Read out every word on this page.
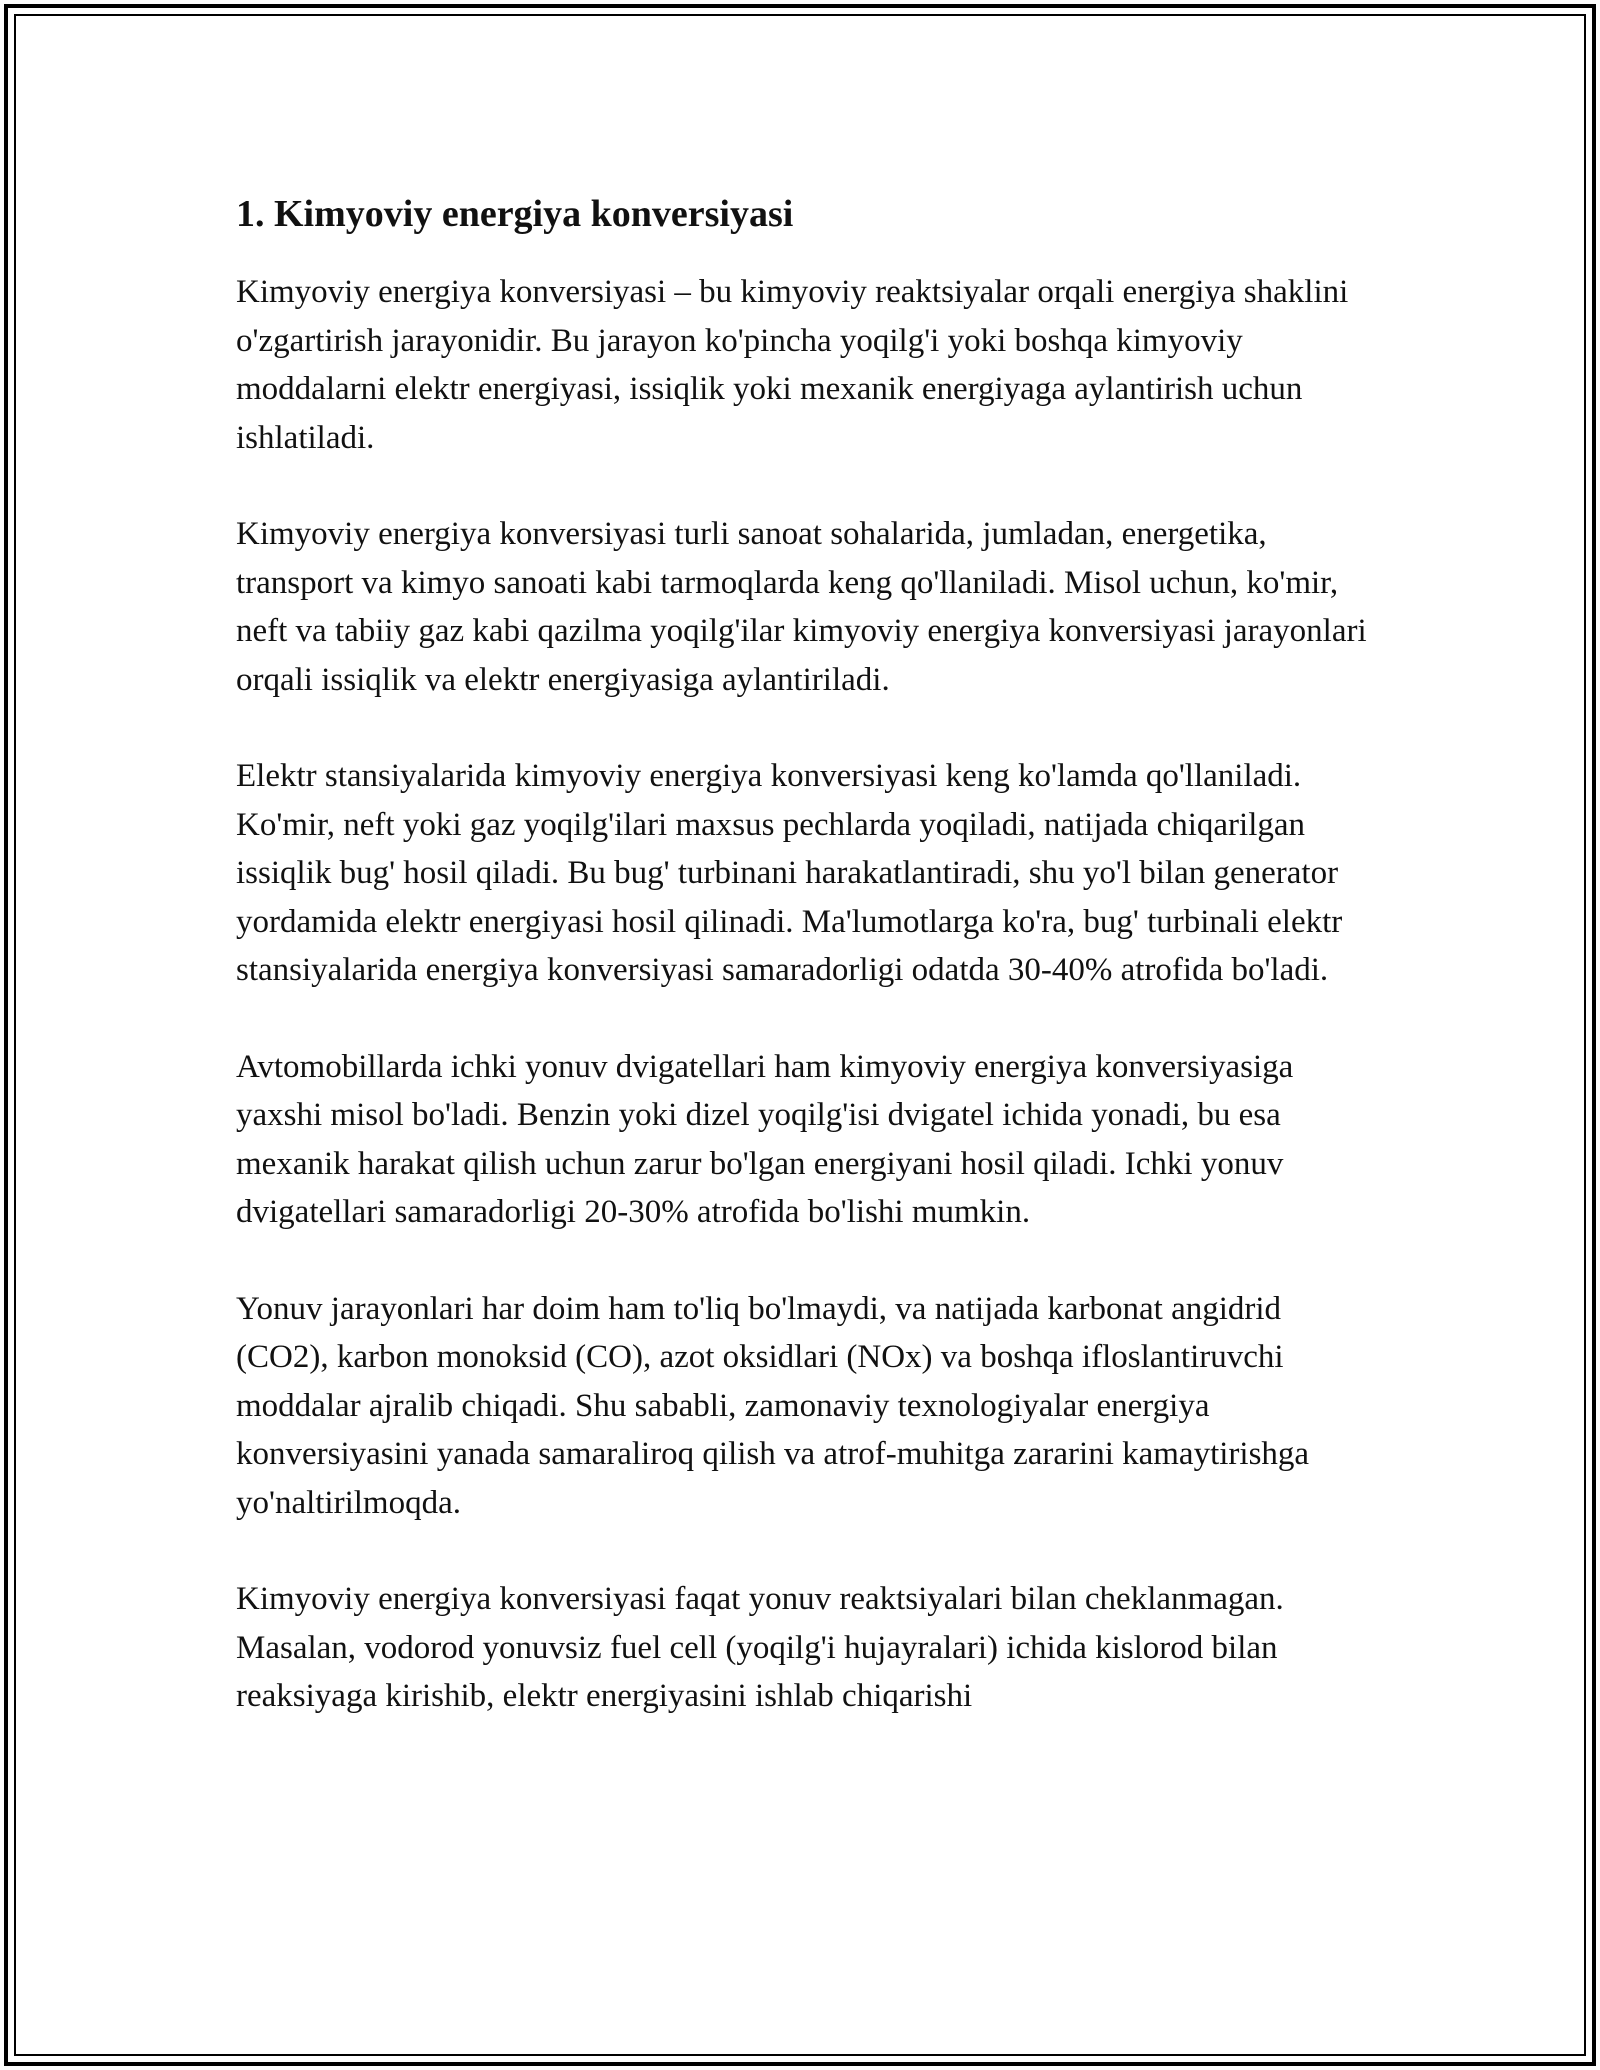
1. Kimyoviy energiya konversiyasi

Kimyoviy energiya konversiyasi – bu kimyoviy reaktsiyalar orqali energiya shaklini o'zgartirish jarayonidir. Bu jarayon ko'pincha yoqilg'i yoki boshqa kimyoviy moddalarni elektr energiyasi, issiqlik yoki mexanik energiyaga aylantirish uchun ishlatiladi.

Kimyoviy energiya konversiyasi turli sanoat sohalarida, jumladan, energetika, transport va kimyo sanoati kabi tarmoqlarda keng qo'llaniladi. Misol uchun, ko'mir, neft va tabiiy gaz kabi qazilma yoqilg'ilar kimyoviy energiya konversiyasi jarayonlari orqali issiqlik va elektr energiyasiga aylantiriladi.

Elektr stansiyalarida kimyoviy energiya konversiyasi keng ko'lamda qo'llaniladi. Ko'mir, neft yoki gaz yoqilg'ilari maxsus pechlarda yoqiladi, natijada chiqarilgan issiqlik bug' hosil qiladi. Bu bug' turbinani harakatlantiradi, shu yo'l bilan generator yordamida elektr energiyasi hosil qilinadi. Ma'lumotlarga ko'ra, bug' turbinali elektr stansiyalarida energiya konversiyasi samaradorligi odatda 30-40% atrofida bo'ladi.

Avtomobillarda ichki yonuv dvigatellari ham kimyoviy energiya konversiyasiga yaxshi misol bo'ladi. Benzin yoki dizel yoqilg'isi dvigatel ichida yonadi, bu esa mexanik harakat qilish uchun zarur bo'lgan energiyani hosil qiladi. Ichki yonuv dvigatellari samaradorligi 20-30% atrofida bo'lishi mumkin.

Yonuv jarayonlari har doim ham to'liq bo'lmaydi, va natijada karbonat angidrid (CO2), karbon monoksid (CO), azot oksidlari (NOx) va boshqa ifloslantiruvchi moddalar ajralib chiqadi. Shu sababli, zamonaviy texnologiyalar energiya konversiyasini yanada samaraliroq qilish va atrof-muhitga zararini kamaytirishga yo'naltirilmoqda.

Kimyoviy energiya konversiyasi faqat yonuv reaktsiyalari bilan cheklanmagan. Masalan, vodorod yonuvsiz fuel cell (yoqilg'i hujayralari) ichida kislorod bilan reaksiyaga kirishib, elektr energiyasini ishlab chiqarishi
